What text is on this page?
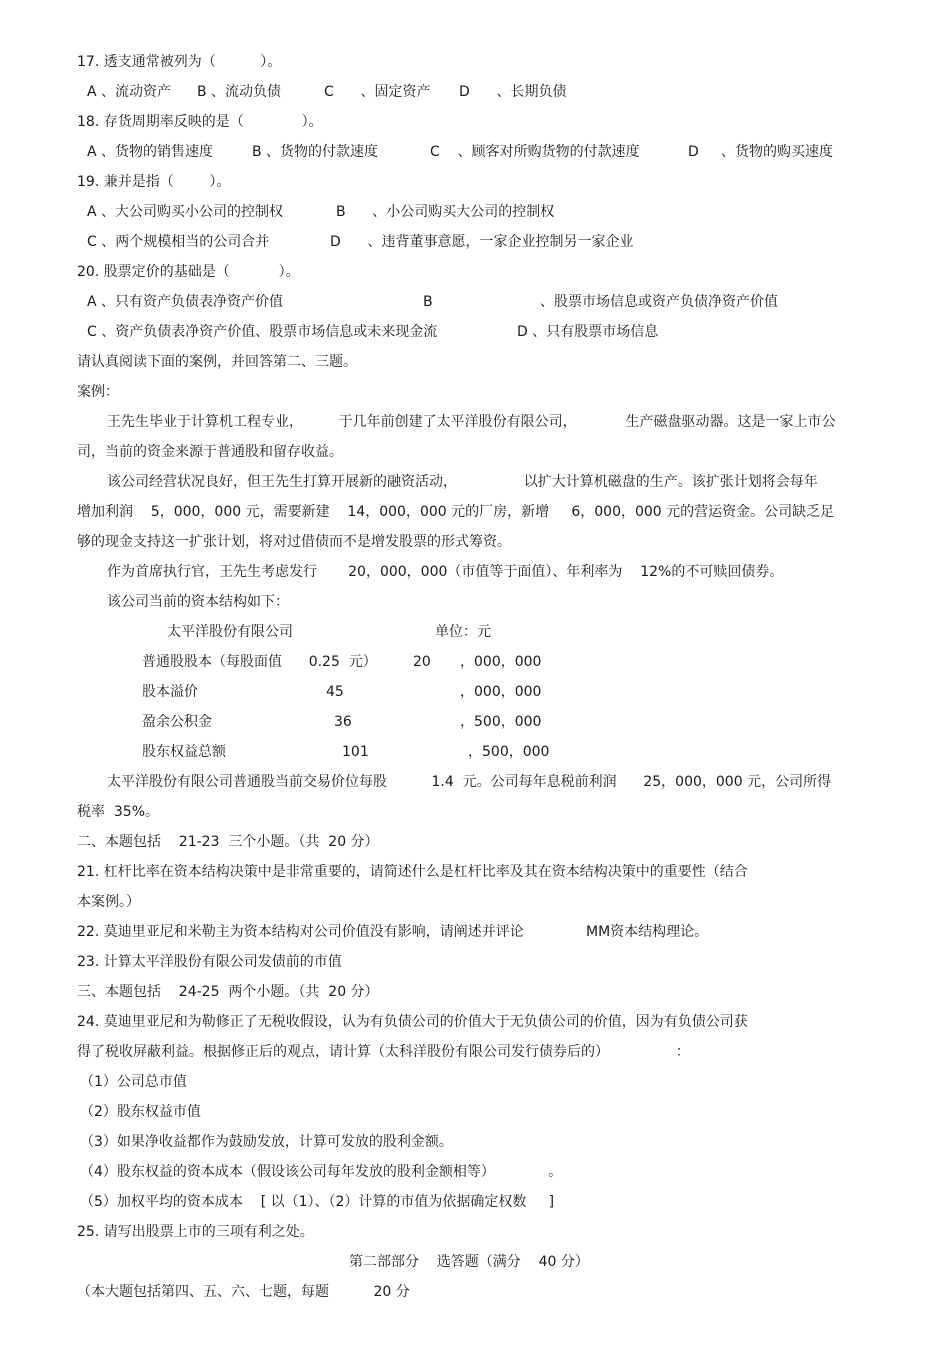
17. 透支通常被列为（          ）。
A 、流动资产 B 、流动负债	C      、固定资产 D      、长期负债
18. 存货周期率反映的是（             ）。
A 、货物的销售速度	B 、货物的付款速度	C    、顾客对所购货物的付款速度	D     、货物的购买速度
19. 兼并是指（        ）。
A 、大公司购买小公司的控制权	B      、小公司购买大公司的控制权
C 、两个规模相当的公司合并	D      、违背董事意愿，一家企业控制另一家企业
20. 股票定价的基础是（           ）。
A 、只有资产负债表净资产价值	B	、股票市场信息或资产负债净资产价值
C 、资产负债表净资产价值、股票市场信息或未来现金流	D 、只有股票市场信息
请认真阅读下面的案例，并回答第二、三题。
案例：
王先生毕业于计算机工程专业，        于几年前创建了太平洋股份有限公司，           生产磁盘驱动器。这是一家上市公
司，当前的资金来源于普通股和留存收益。
该公司经营状况良好，但王先生打算开展新的融资活动，               以扩大计算机磁盘的生产。该扩张计划将会每年
增加利润    5，000，000 元，需要新建    14，000，000 元的厂房，新增     6，000，000 元的营运资金。公司缺乏足
够的现金支持这一扩张计划，将对过借债而不是增发股票的形式筹资。
作为首席执行官，王先生考虑发行       20，000，000（市值等于面值）、年利率为    12%的不可赎回债券。
该公司当前的资本结构如下：
太平洋股份有限公司	单位：元
普通股股本（每股面值      0.25  元）	20 ，000，000
股本溢价	45	，000，000
盈余公积金	36	，500，000
股东权益总额	101	，500，000
太平洋股份有限公司普通股当前交易价位每股          1.4  元。公司每年息税前利润      25，000，000 元，公司所得
税率  35%。
二、本题包括    21-23  三个小题。（共  20 分）
21. 杠杆比率在资本结构决策中是非常重要的，请简述什么是杠杆比率及其在资本结构决策中的重要性（结合
本案例。）
22. 莫迪里亚尼和米勒主为资本结构对公司价值没有影响，请阐述并评论              MM资本结构理论。
23. 计算太平洋股份有限公司发债前的市值
三、本题包括    24-25  两个小题。（共  20 分）
24. 莫迪里亚尼和为勒修正了无税收假设，认为有负债公司的价值大于无负债公司的价值，因为有负债公司获
得了税收屏蔽利益。根据修正后的观点，请计算（太科洋股份有限公司发行债券后的）               ：
（1）公司总市值
（2）股东权益市值
（3）如果净收益都作为鼓励发放，计算可发放的股利金额。
（4）股东权益的资本成本（假设该公司每年发放的股利金额相等）            。
（5）加权平均的资本成本    [ 以（1）、（2）计算的市值为依据确定权数     ]
25. 请写出股票上市的三项有利之处。
第二部部分    选答题（满分    40 分）
（本大题包括第四、五、六、七题，每题          20 分
